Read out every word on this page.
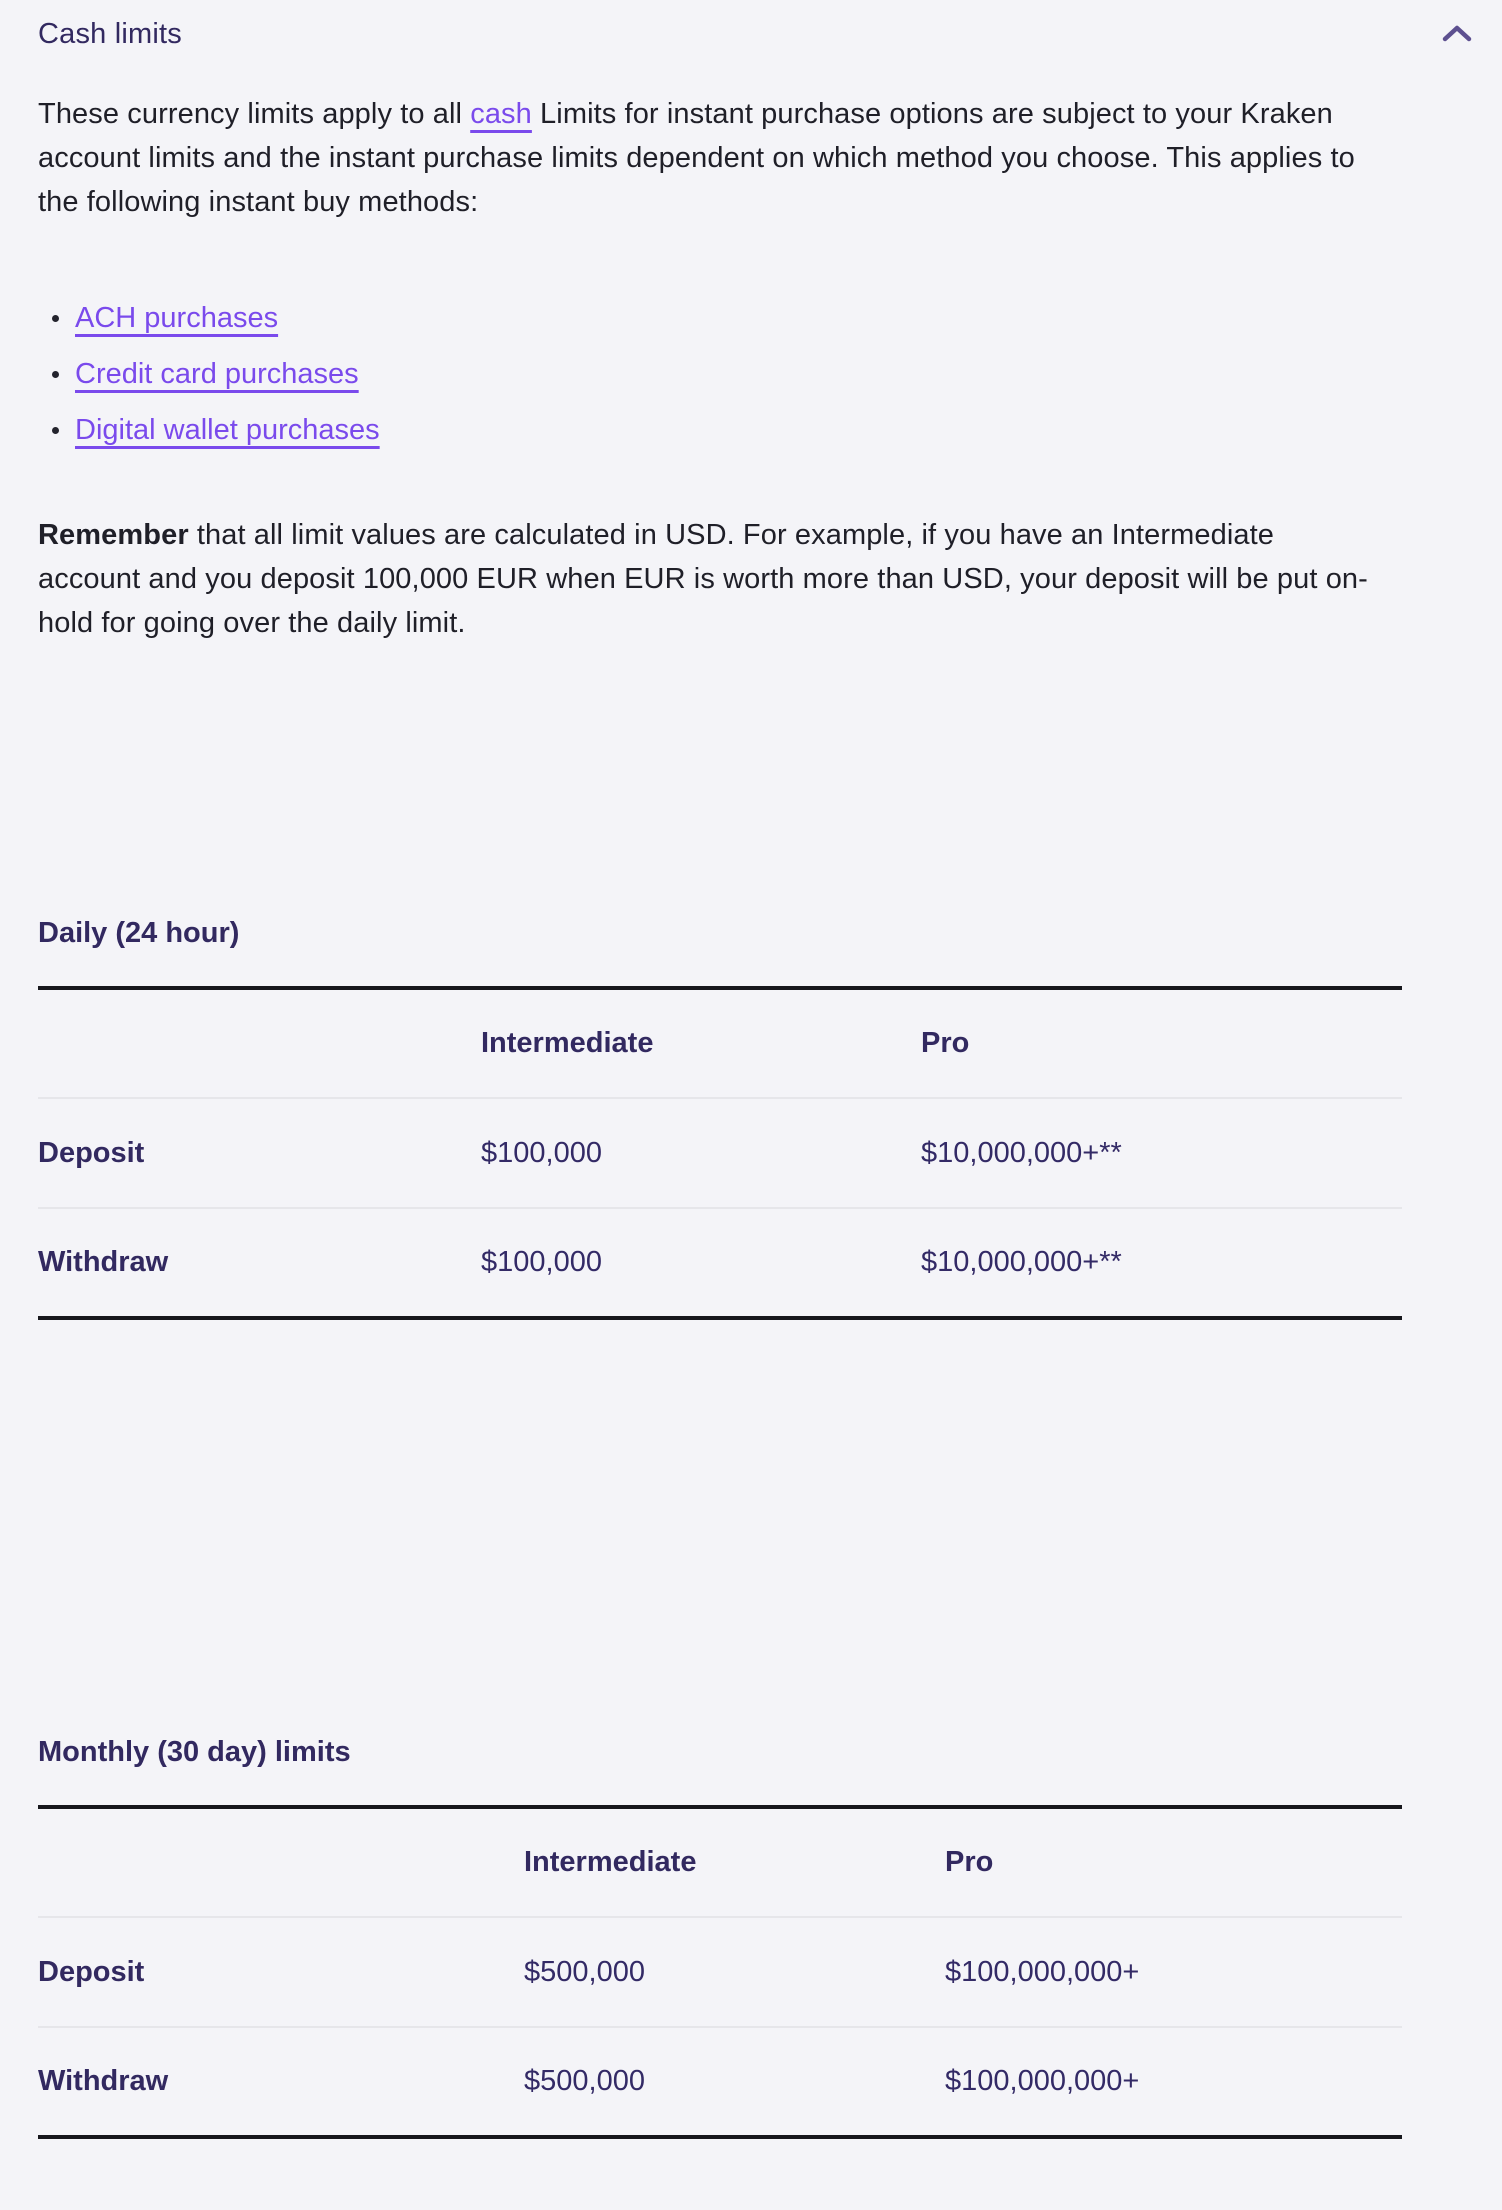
Cash limits

These currency limits apply to all cash Limits for instant purchase options are subject to your Kraken account limits and the instant purchase limits dependent on which method you choose. This applies to the following instant buy methods:

ACH purchases
Credit card purchases
Digital wallet purchases

Remember that all limit values are calculated in USD. For example, if you have an Intermediate account and you deposit 100,000 EUR when EUR is worth more than USD, your deposit will be put on-hold for going over the daily limit.

Daily (24 hour)
	Intermediate	Pro
Deposit	$100,000	$10,000,000+**
Withdraw	$100,000	$10,000,000+**
Monthly (30 day) limits
	Intermediate	Pro
Deposit	$500,000	$100,000,000+
Withdraw	$500,000	$100,000,000+
